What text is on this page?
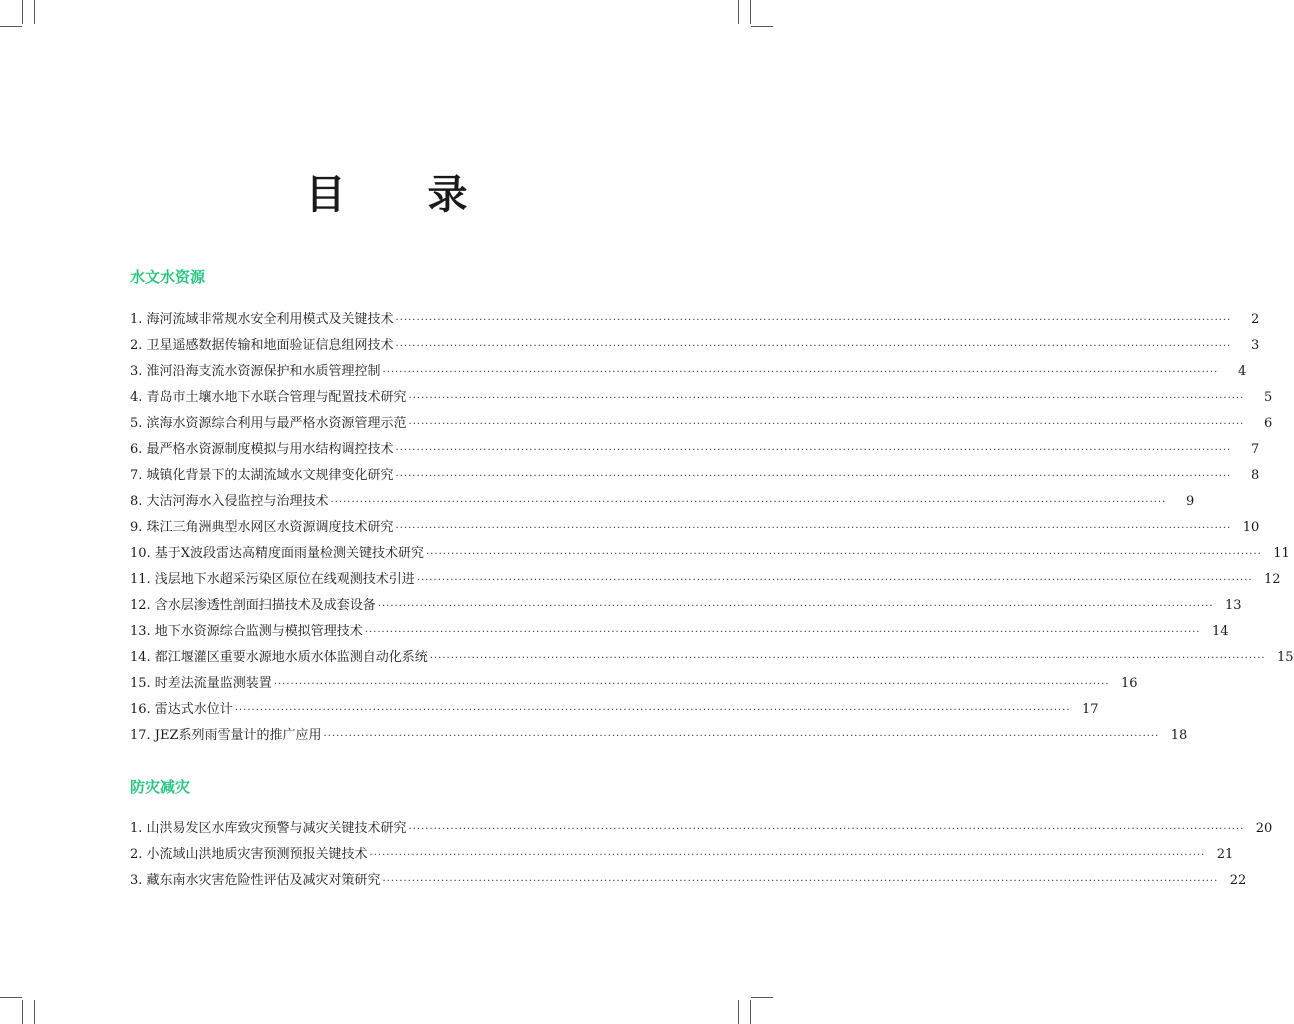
目 录
水文水资源
1. 海河流域非常规水安全利用模式及关键技术 ········································································································································································································	2
2. 卫星遥感数据传输和地面验证信息组网技术 ········································································································································································································	3
3. 淮河沿海支流水资源保护和水质管理控制 ········································································································································································································	4
4. 青岛市土壤水地下水联合管理与配置技术研究 ········································································································································································································	5
5. 滨海水资源综合利用与最严格水资源管理示范 ········································································································································································································	6
6. 最严格水资源制度模拟与用水结构调控技术 ········································································································································································································	7
7. 城镇化背景下的太湖流域水文规律变化研究 ········································································································································································································	8
8. 大沽河海水入侵监控与治理技术 ········································································································································································································	9
9. 珠江三角洲典型水网区水资源调度技术研究 ········································································································································································································ 10
10. 基于X波段雷达高精度面雨量检测关键技术研究 ········································································································································································································ 11
11. 浅层地下水超采污染区原位在线观测技术引进 ········································································································································································································ 12
12. 含水层渗透性剖面扫描技术及成套设备 ········································································································································································································ 13
13. 地下水资源综合监测与模拟管理技术 ········································································································································································································ 14
14. 都江堰灌区重要水源地水质水体监测自动化系统 ········································································································································································································ 15
15. 时差法流量监测装置 ········································································································································································································ 16
16. 雷达式水位计 ········································································································································································································ 17
17. JEZ系列雨雪量计的推广应用 ········································································································································································································ 18
防灾减灾
1. 山洪易发区水库致灾预警与减灾关键技术研究 ········································································································································································································ 20
2. 小流域山洪地质灾害预测预报关键技术 ········································································································································································································ 21
3. 藏东南水灾害危险性评估及减灾对策研究 ········································································································································································································ 22
